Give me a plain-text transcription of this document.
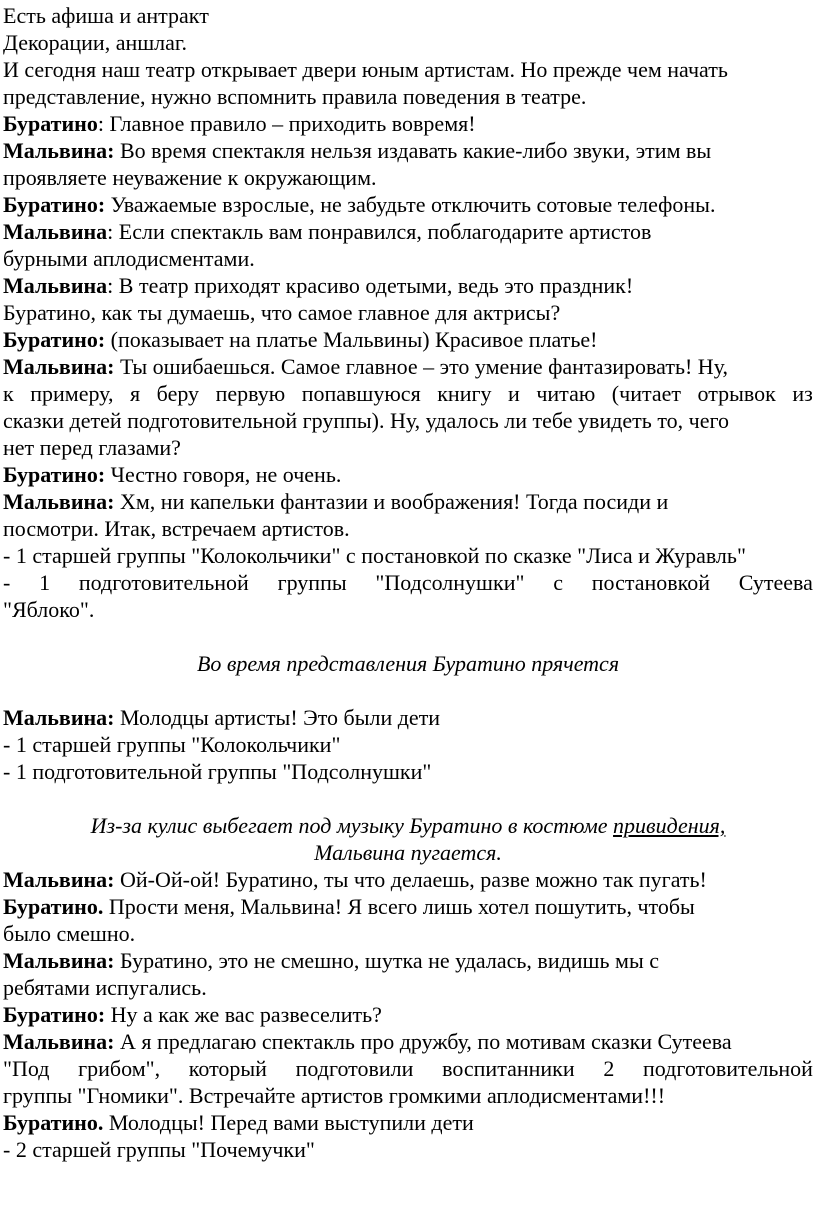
Есть афиша и антракт
Декорации, аншлаг.
И сегодня наш театр открывает двери юным артистам. Но прежде чем начать
представление, нужно вспомнить правила поведения в театре.
Буратино: Главное правило – приходить вовремя!
Мальвина: Во время спектакля нельзя издавать какие-либо звуки, этим вы
проявляете неуважение к окружающим.
Буратино: Уважаемые взрослые, не забудьте отключить сотовые телефоны.
Мальвина: Если спектакль вам понравился, поблагодарите артистов
бурными аплодисментами.
Мальвина: В театр приходят красиво одетыми, ведь это праздник!
Буратино, как ты думаешь, что самое главное для актрисы?
Буратино: (показывает на платье Мальвины) Красивое платье!
Мальвина: Ты ошибаешься. Самое главное – это умение фантазировать! Ну,
к примеру, я беру первую попавшуюся книгу и читаю (читает отрывок из
сказки детей подготовительной группы). Ну, удалось ли тебе увидеть то, чего
нет перед глазами?
Буратино: Честно говоря, не очень.
Мальвина: Хм, ни капельки фантазии и воображения! Тогда посиди и
посмотри. Итак, встречаем артистов.
- 1 старшей группы "Колокольчики" с постановкой по сказке "Лиса и Журавль"
- 1 подготовительной группы "Подсолнушки" с постановкой Сутеева
"Яблоко".
Во время представления Буратино прячется
Мальвина: Молодцы артисты! Это были дети
- 1 старшей группы "Колокольчики"
- 1 подготовительной группы "Подсолнушки"
Из-за кулис выбегает под музыку Буратино в костюме привидения,
Мальвина пугается.
Мальвина: Ой-Ой-ой! Буратино, ты что делаешь, разве можно так пугать!
Буратино. Прости меня, Мальвина! Я всего лишь хотел пошутить, чтобы
было смешно.
Мальвина: Буратино, это не смешно, шутка не удалась, видишь мы с
ребятами испугались.
Буратино: Ну а как же вас развеселить?
Мальвина: А я предлагаю спектакль про дружбу, по мотивам сказки Сутеева
"Под грибом", который подготовили воспитанники 2 подготовительной
группы "Гномики". Встречайте артистов громкими аплодисментами!!!
Буратино. Молодцы! Перед вами выступили дети
- 2 старшей группы "Почемучки"
